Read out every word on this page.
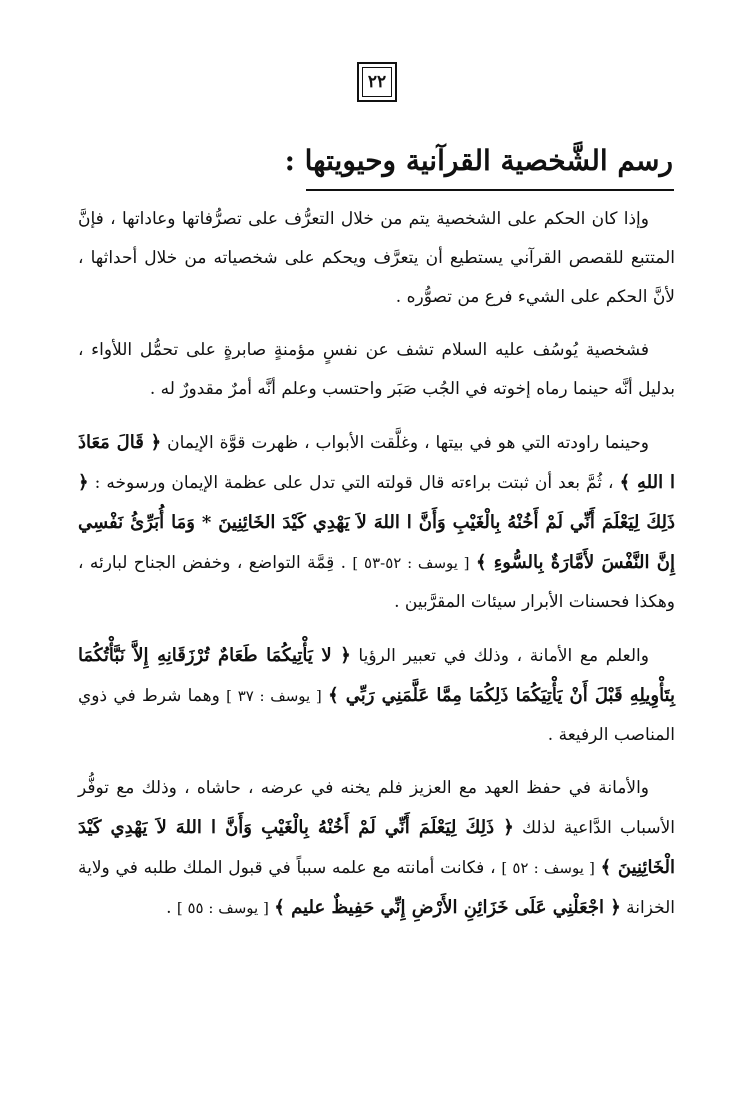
٢٢
رسم الشَّخصية القرآنية وحيويتها :

وإذا كان الحكم على الشخصية يتم من خلال التعرُّف على تصرُّفاتها وعاداتها ، فإنَّ المتتبع للقصص القرآني يستطيع أن يتعرَّف ويحكم على شخصياته من خلال أحداثها ، لأنَّ الحكم على الشيء فرع من تصوُّره .

فشخصية يُوسُف عليه السلام تشف عن نفسٍ مؤمنةٍ صابرةٍ على تحمُّل اللأواء ، بدليل أنَّه حينما رماه إخوته في الجُب صَبَر واحتسب وعلم أنَّه أمرٌ مقدورٌ له .

وحينما راودته التي هو في بيتها ، وغلَّقت الأبواب ، ظهرت قوَّة الإيمان ﴿ قَالَ مَعَاذَ ا اللهِ ﴾ ، ثُمَّ بعد أن ثبتت براءته قال قولته التي تدل على عظمة الإيمان ورسوخه : ﴿ ذَلِكَ لِيَعْلَمَ أَنِّي لَمْ أَخُنْهُ بِالْغَيْبِ وَأَنَّ ا اللهَ لاَ يَهْدِي كَيْدَ الخَائِنِينَ * وَمَا أُبَرِّئُ نَفْسِي إِنَّ النَّفْسَ لأَمَّارَةٌ بِالسُّوءِ ﴾ [ يوسف : ٥٢-٥٣ ] . قِمَّة التواضع ، وخفض الجناح لبارئه ، وهكذا فحسنات الأبرار سيئات المقرَّبين .

والعلم مع الأمانة ، وذلك في تعبير الرؤيا ﴿ لا يَأْتِيكُمَا طَعَامٌ تُرْزَقَانِهِ إِلاَّ نَبَّأْتُكُمَا بِتَأْوِيلِهِ قَبْلَ أَنْ يَأْتِيَكُمَا ذَلِكُمَا مِمَّا عَلَّمَنِي رَبِّي ﴾ [ يوسف : ٣٧ ] وهما شرط في ذوي المناصب الرفيعة .

والأمانة في حفظ العهد مع العزيز فلم يخنه في عرضه ، حاشاه ، وذلك مع توفُّر الأسباب الدَّاعية لذلك ﴿ ذَلِكَ لِيَعْلَمَ أَنِّي لَمْ أَخُنْهُ بِالْغَيْبِ وَأَنَّ ا اللهَ لاَ يَهْدِي كَيْدَ الْخَائِنِينَ ﴾ [ يوسف : ٥٢ ] ، فكانت أمانته مع علمه سبباً في قبول الملك طلبه في ولاية الخزانة ﴿ اجْعَلْنِي عَلَى خَزَائِنِ الأَرْضِ إِنِّي حَفِيظٌ عليم ﴾ [ يوسف : ٥٥ ] .
